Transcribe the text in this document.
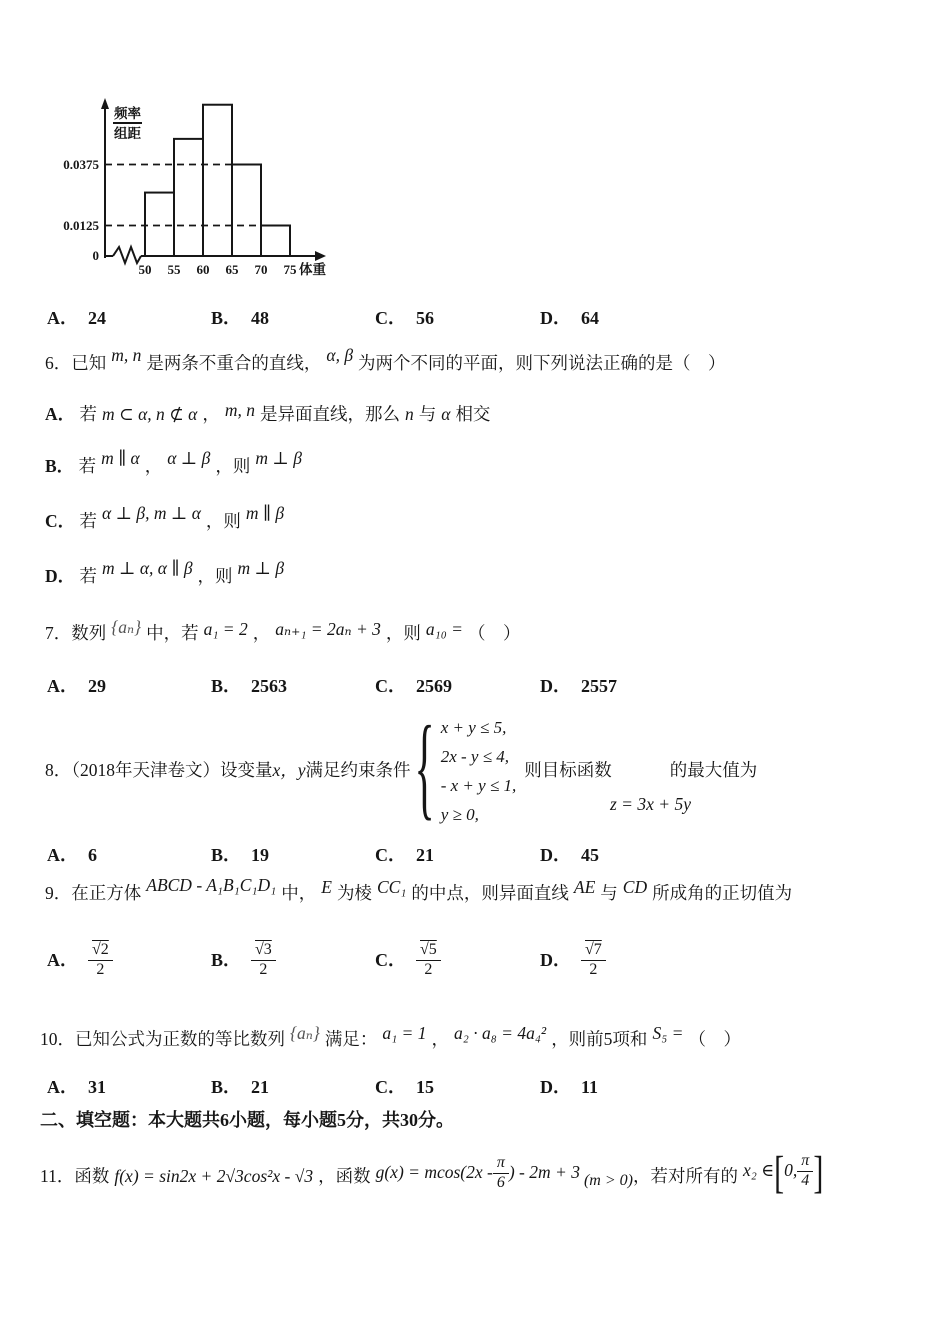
0.0375
0.0125
0
50 55 60 65 70 75 体重
频率
组距
A． 24	B． 48	C． 56	D． 64
6．已知 m, n 是两条不重合的直线， α, β 为两个不同的平面，则下列说法正确的是（　）
A． 若 m ⊂ α, n ⊄ α ， m, n 是异面直线，那么 n 与 α 相交
B． 若 m ∥ α ， α ⊥ β ，则 m ⊥ β
C． 若 α ⊥ β, m ⊥ α ，则 m ∥ β
D． 若 m ⊥ α, α ∥ β ，则 m ⊥ β
7．数列 {aₙ} 中，若 a₁ = 2 ， aₙ₊₁ = 2aₙ + 3 ，则 a₁₀ = （　）
A． 29	B． 2563	C． 2569	D． 2557
8．（2018年天津卷文）设变量x，y满足约束条件 { x + y ≤ 5,
2x - y ≤ 4,
- x + y ≤ 1,
y ≥ 0,
则目标函数	的最大值为
z = 3x + 5y
A． 6	B． 19	C． 21	D． 45
9．在正方体 ABCD - A₁B₁C₁D₁ 中， E 为棱 CC₁ 的中点，则异面直线 AE 与 CD 所成角的正切值为
A． $\frac{√2}{2}$	B． $\frac{√3}{2}$	C． $\frac{√5}{2}$	D． $\frac{√7}{2}$
10．已知公式为正数的等比数列 {aₙ} 满足： a₁ = 1 ， a₂ · a₈ = 4a₄² ，则前5项和 S₅ = （　）
A． 31	B． 21	C． 15	D． 11
二、填空题：本大题共6小题，每小题5分，共30分。
11． 函数 f(x) = sin2x + 2√3cos²x - √3 ，函数 $g(x) = mcos(2x - \frac{\pi}{6}$ ) - 2m + 3 (m > 0) ，若对所有的 x₂ ∈ [ 0, $\frac{\pi}{4}$ ]
